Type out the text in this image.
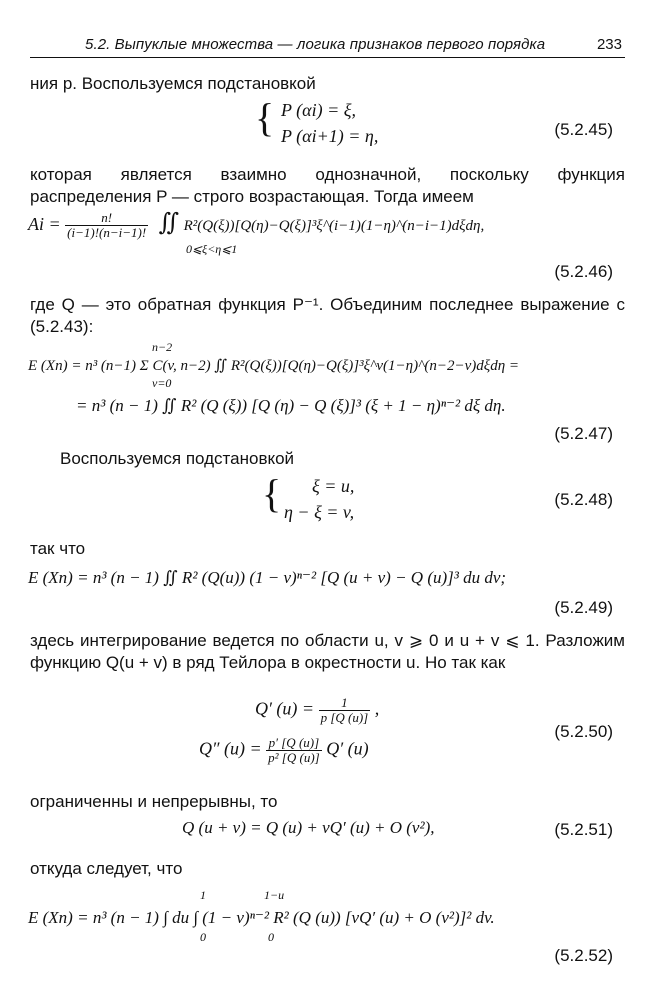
5.2. Выпуклые множества — логика признаков первого порядка	233
ния p. Воспользуемся подстановкой
{ P (αi) = ξ,
P (αi+1) = η,	(5.2.45)
которая является взаимно однозначной, поскольку функция распределения P — строго возрастающая. Тогда имеем
$Ai = \frac{n!}{(i-1)!(n-i-1)!}$ ∬ R²(Q(ξ))[Q(η)−Q(ξ)]³ξ^(i−1)(1−η)^(n−i−1)dξdη,
0⩽ξ<η⩽1
(5.2.46)
где Q — это обратная функция P⁻¹. Объединим последнее выражение с (5.2.43):
n−2
E (Xn) = n³ (n−1) Σ C(v, n−2) ∬ R²(Q(ξ))[Q(η)−Q(ξ)]³ξ^v(1−η)^(n−2−v)dξdη =
v=0
= n³ (n − 1) ∬ R² (Q (ξ)) [Q (η) − Q (ξ)]³ (ξ + 1 − η)ⁿ⁻² dξ dη.
(5.2.47)
Воспользуемся подстановкой
{ ξ = u,
η − ξ = v,
(5.2.48)
так что
E (Xn) = n³ (n − 1) ∬ R² (Q(u)) (1 − v)ⁿ⁻² [Q (u + v) − Q (u)]³ du dv;
(5.2.49)
здесь интегрирование ведется по области u, v ⩾ 0 и u + v ⩽ 1. Разложим функцию Q(u + v) в ряд Тейлора в окрестности u. Но так как
Q′ $(u) = \frac{1}{p [Q (u)]}$ ,
Q″ $(u) = \frac{p' [Q (u)]}{\text{p² [Q (u)]}} Q'$ (u)
(5.2.50)
ограниченны и непрерывны, то
Q (u + v) = Q (u) + vQ′ (u) + O (v²),	(5.2.51)
откуда следует, что
1	1−u
E (Xn) = n³ (n − 1) ∫ du ∫ (1 − v)ⁿ⁻² R² (Q (u)) [vQ′ (u) + O (v²)]² dv.
0	0
(5.2.52)
